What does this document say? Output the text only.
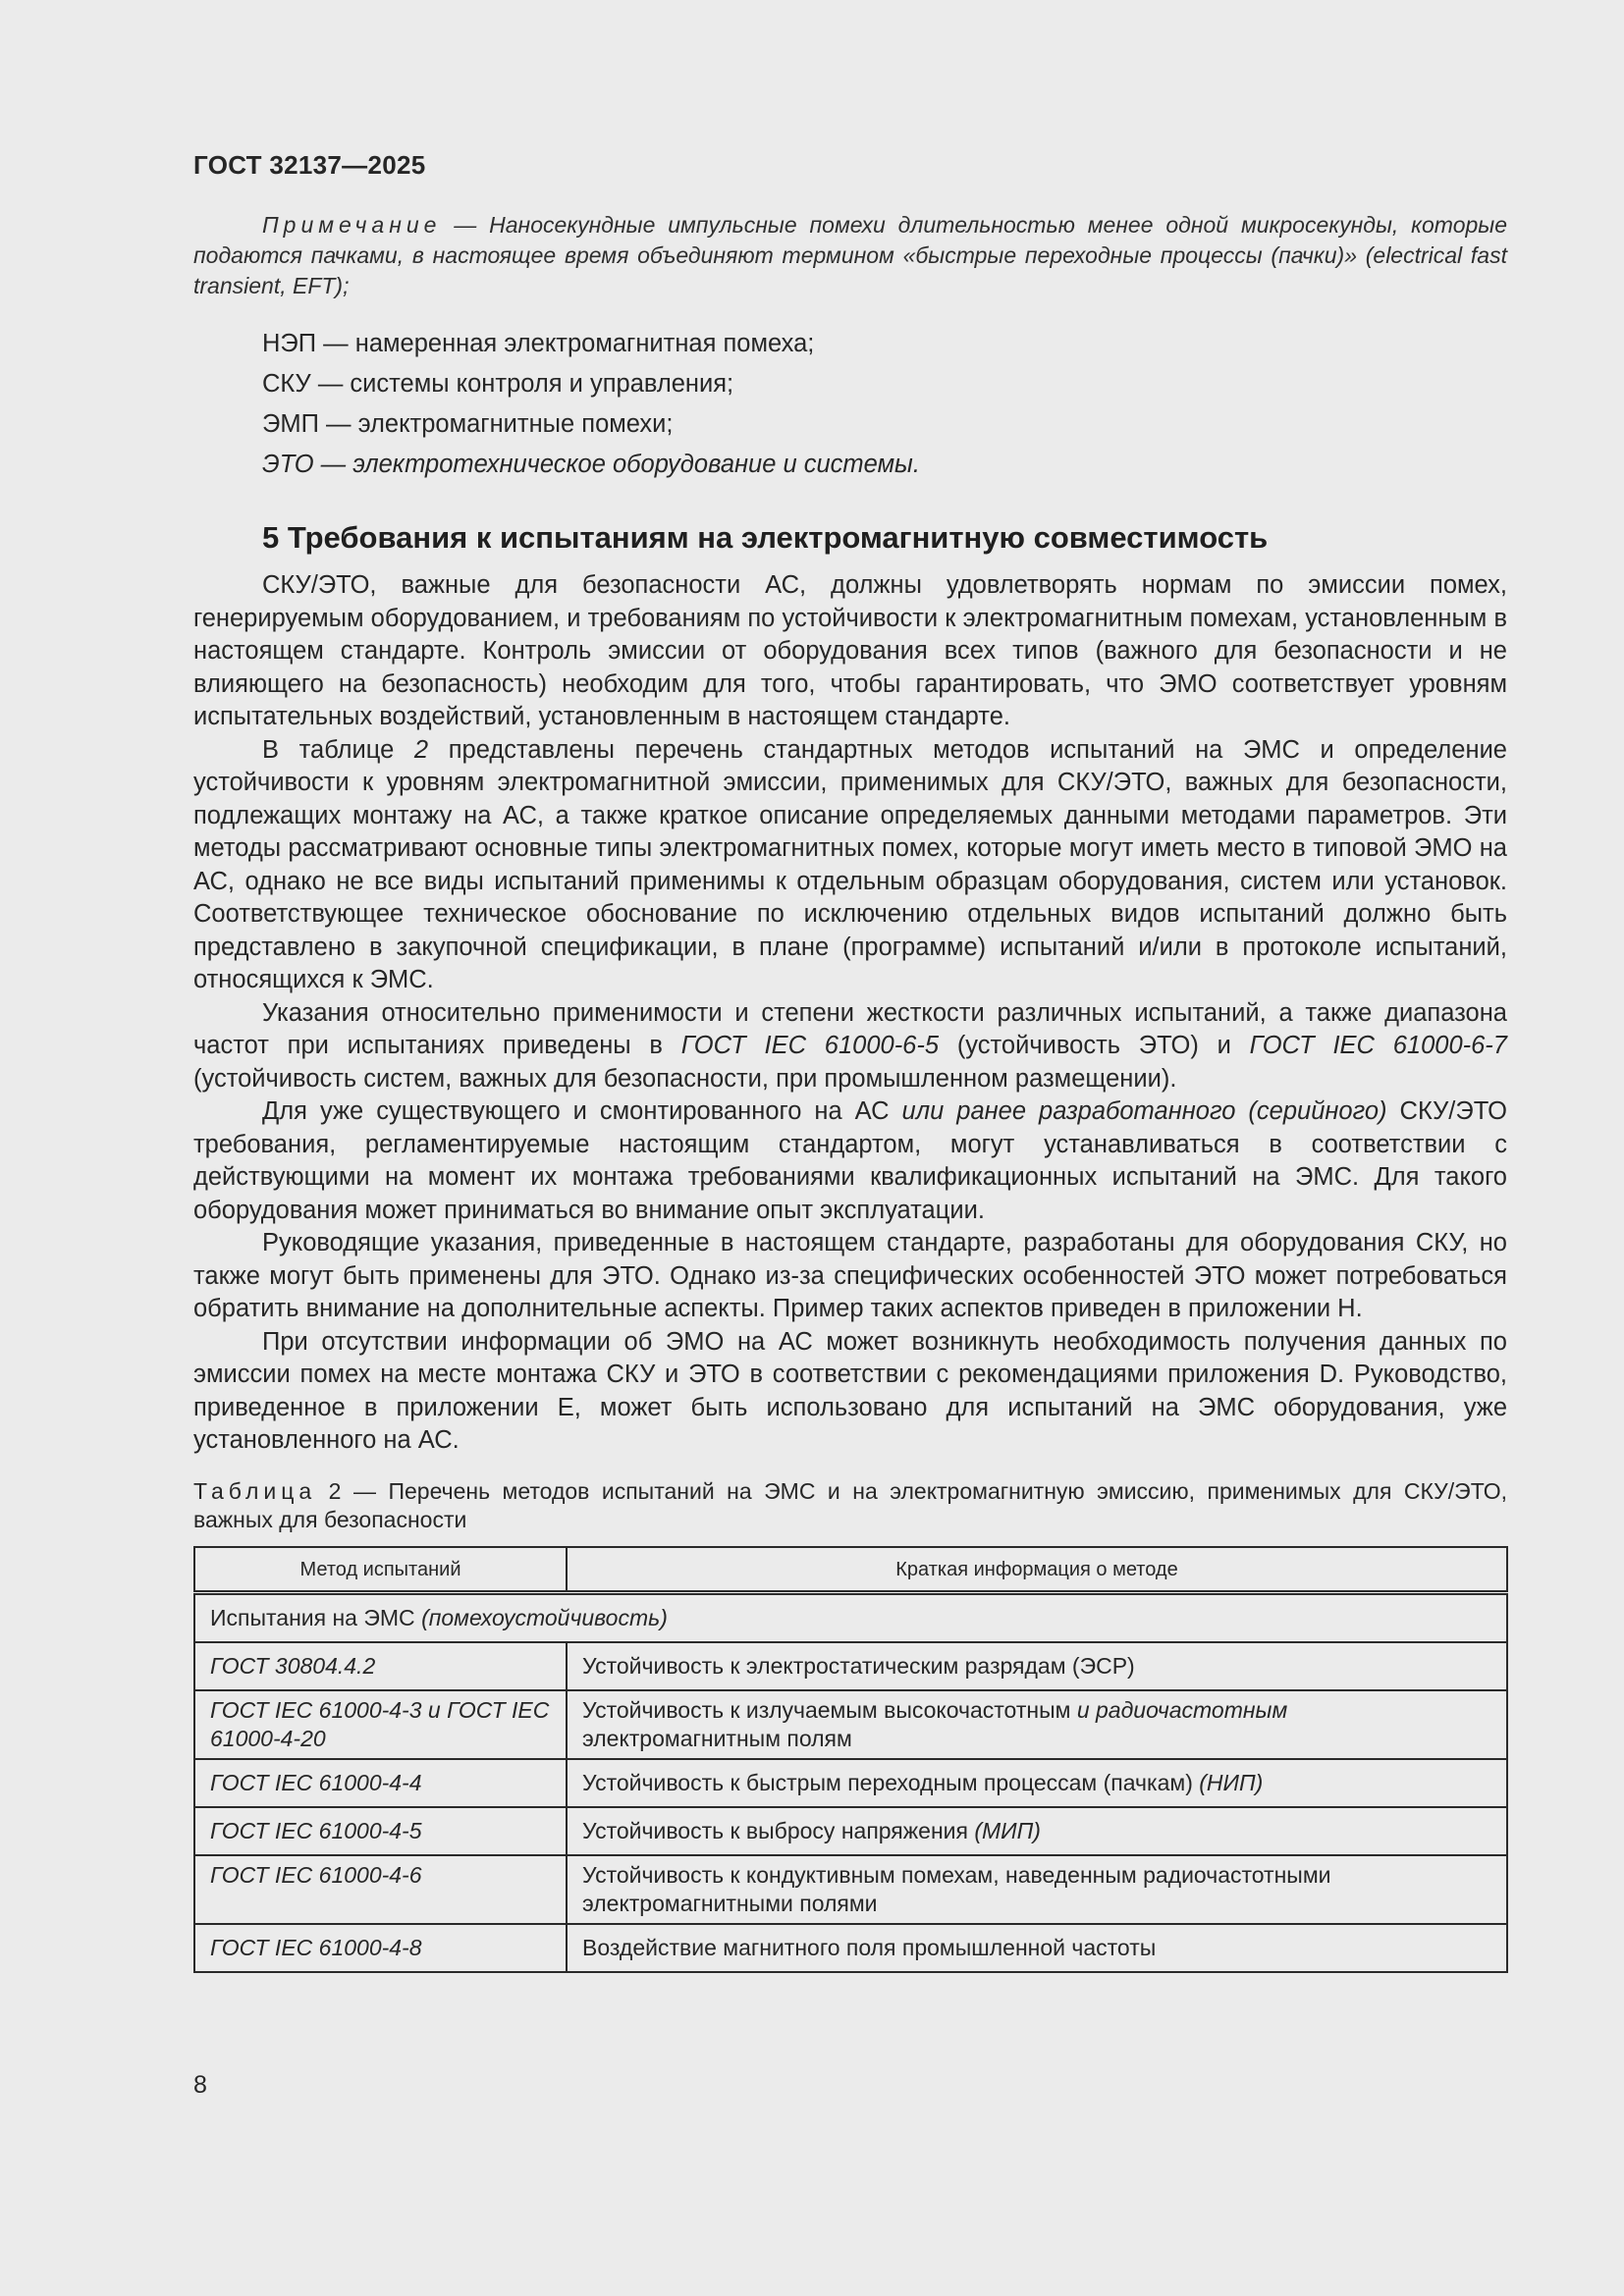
ГОСТ 32137—2025

Примечание — Наносекундные импульсные помехи длительностью менее одной микросекунды, которые подаются пачками, в настоящее время объединяют термином «быстрые переходные процессы (пачки)» (electrical fast transient, EFT);

НЭП — намеренная электромагнитная помеха;
СКУ — системы контроля и управления;
ЭМП — электромагнитные помехи;
ЭТО — электротехническое оборудование и системы.
5 Требования к испытаниям на электромагнитную совместимость

СКУ/ЭТО, важные для безопасности АС, должны удовлетворять нормам по эмиссии помех, генерируемым оборудованием, и требованиям по устойчивости к электромагнитным помехам, установленным в настоящем стандарте. Контроль эмиссии от оборудования всех типов (важного для безопасности и не влияющего на безопасность) необходим для того, чтобы гарантировать, что ЭМО соответствует уровням испытательных воздействий, установленным в настоящем стандарте.

В таблице 2 представлены перечень стандартных методов испытаний на ЭМС и определение устойчивости к уровням электромагнитной эмиссии, применимых для СКУ/ЭТО, важных для безопасности, подлежащих монтажу на АС, а также краткое описание определяемых данными методами параметров. Эти методы рассматривают основные типы электромагнитных помех, которые могут иметь место в типовой ЭМО на АС, однако не все виды испытаний применимы к отдельным образцам оборудования, систем или установок. Соответствующее техническое обоснование по исключению отдельных видов испытаний должно быть представлено в закупочной спецификации, в плане (программе) испытаний и/или в протоколе испытаний, относящихся к ЭМС.

Указания относительно применимости и степени жесткости различных испытаний, а также диапазона частот при испытаниях приведены в ГОСТ IEC 61000-6-5 (устойчивость ЭТО) и ГОСТ IEC 61000-6-7 (устойчивость систем, важных для безопасности, при промышленном размещении).

Для уже существующего и смонтированного на АС или ранее разработанного (серийного) СКУ/ЭТО требования, регламентируемые настоящим стандартом, могут устанавливаться в соответствии с действующими на момент их монтажа требованиями квалификационных испытаний на ЭМС. Для такого оборудования может приниматься во внимание опыт эксплуатации.

Руководящие указания, приведенные в настоящем стандарте, разработаны для оборудования СКУ, но также могут быть применены для ЭТО. Однако из-за специфических особенностей ЭТО может потребоваться обратить внимание на дополнительные аспекты. Пример таких аспектов приведен в приложении Н.

При отсутствии информации об ЭМО на АС может возникнуть необходимость получения данных по эмиссии помех на месте монтажа СКУ и ЭТО в соответствии с рекомендациями приложения D. Руководство, приведенное в приложении Е, может быть использовано для испытаний на ЭМС оборудования, уже установленного на АС.

Таблица 2 — Перечень методов испытаний на ЭМС и на электромагнитную эмиссию, применимых для СКУ/ЭТО, важных для безопасности
Метод испытаний	Краткая информация о методе
Испытания на ЭМС (помехоустойчивость)	
ГОСТ 30804.4.2	Устойчивость к электростатическим разрядам (ЭСР)
ГОСТ IEC 61000-4-3 и ГОСТ IEC 61000-4-20	Устойчивость к излучаемым высокочастотным и радиочастотным электромагнитным полям
ГОСТ IEC 61000-4-4	Устойчивость к быстрым переходным процессам (пачкам) (НИП)
ГОСТ IEC 61000-4-5	Устойчивость к выбросу напряжения (МИП)
ГОСТ IEC 61000-4-6	Устойчивость к кондуктивным помехам, наведенным радиочастотными электромагнитными полями
ГОСТ IEC 61000-4-8	Воздействие магнитного поля промышленной частоты
8
